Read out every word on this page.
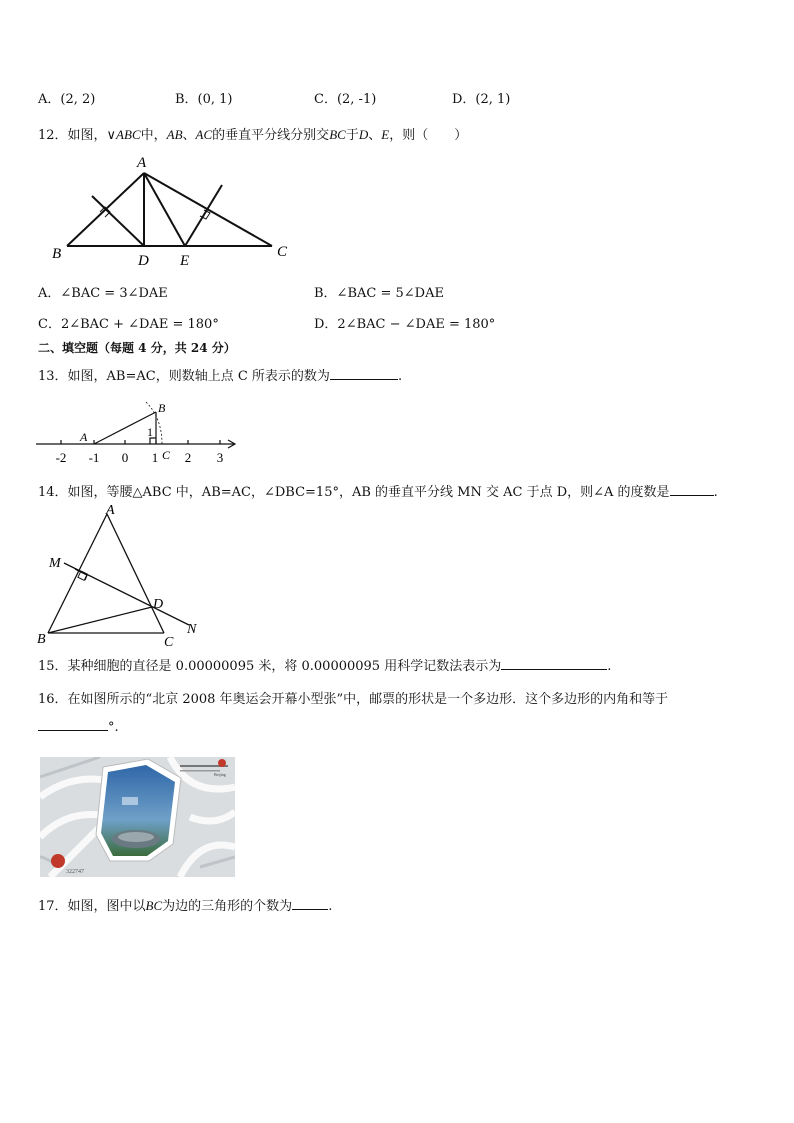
A．(2, 2)	B．(0, 1)	C．(2, -1)	D．(2, 1)
12．如图，∨ABC中，AB、AC的垂直平分线分别交BC于D、E，则（　　）
A
B	C
D E
A．∠BAC = 3∠DAE	B．∠BAC = 5∠DAE
C．2∠BAC + ∠DAE = 180°	D．2∠BAC − ∠DAE = 180°
二、填空题（每题 4 分，共 24 分）
13．如图，AB=AC，则数轴上点 C 所表示的数为	.
A
B
C
1
-2 -1 0 1 2 3
14．如图，等腰△ABC 中，AB=AC，∠DBC=15°，AB 的垂直平分线 MN 交 AC 于点 D，则∠A 的度数是	.
A
B	C
D
M
N
15．某种细胞的直径是 0.00000095 米，将 0.00000095 用科学记数法表示为	.
16．在如图所示的“北京 2008 年奥运会开幕小型张”中，邮票的形状是一个多边形．这个多边形的内角和等于
°.
Beijing
322747
17．如图，图中以BC为边的三角形的个数为	.
